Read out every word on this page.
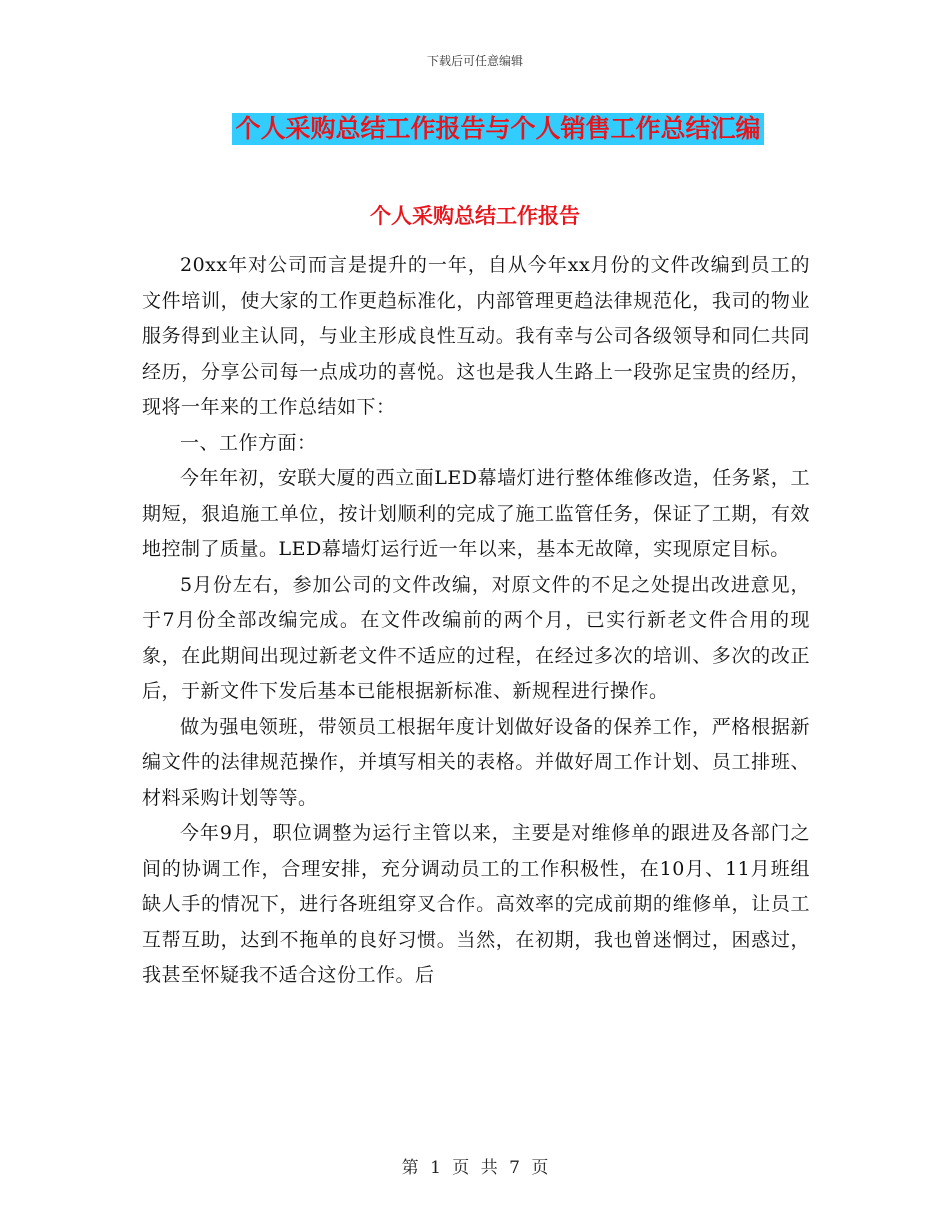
下载后可任意编辑
个人采购总结工作报告与个人销售工作总结汇编
个人采购总结工作报告

20xx年对公司而言是提升的一年，自从今年xx月份的文件改编到员工的文件培训，使大家的工作更趋标准化，内部管理更趋法律规范化，我司的物业服务得到业主认同，与业主形成良性互动。我有幸与公司各级领导和同仁共同经历，分享公司每一点成功的喜悦。这也是我人生路上一段弥足宝贵的经历，现将一年来的工作总结如下：

一、工作方面：

今年年初，安联大厦的西立面LED幕墙灯进行整体维修改造，任务紧，工期短，狠追施工单位，按计划顺利的完成了施工监管任务，保证了工期，有效地控制了质量。LED幕墙灯运行近一年以来，基本无故障，实现原定目标。

5月份左右，参加公司的文件改编，对原文件的不足之处提出改进意见，于7月份全部改编完成。在文件改编前的两个月，已实行新老文件合用的现象，在此期间出现过新老文件不适应的过程，在经过多次的培训、多次的改正后，于新文件下发后基本已能根据新标准、新规程进行操作。

做为强电领班，带领员工根据年度计划做好设备的保养工作，严格根据新编文件的法律规范操作，并填写相关的表格。并做好周工作计划、员工排班、材料采购计划等等。

今年9月，职位调整为运行主管以来，主要是对维修单的跟进及各部门之间的协调工作，合理安排，充分调动员工的工作积极性，在10月、11月班组缺人手的情况下，进行各班组穿叉合作。高效率的完成前期的维修单，让员工互帮互助，达到不拖单的良好习惯。当然，在初期，我也曾迷惘过，困惑过，我甚至怀疑我不适合这份工作。后

第 1 页 共 7 页
